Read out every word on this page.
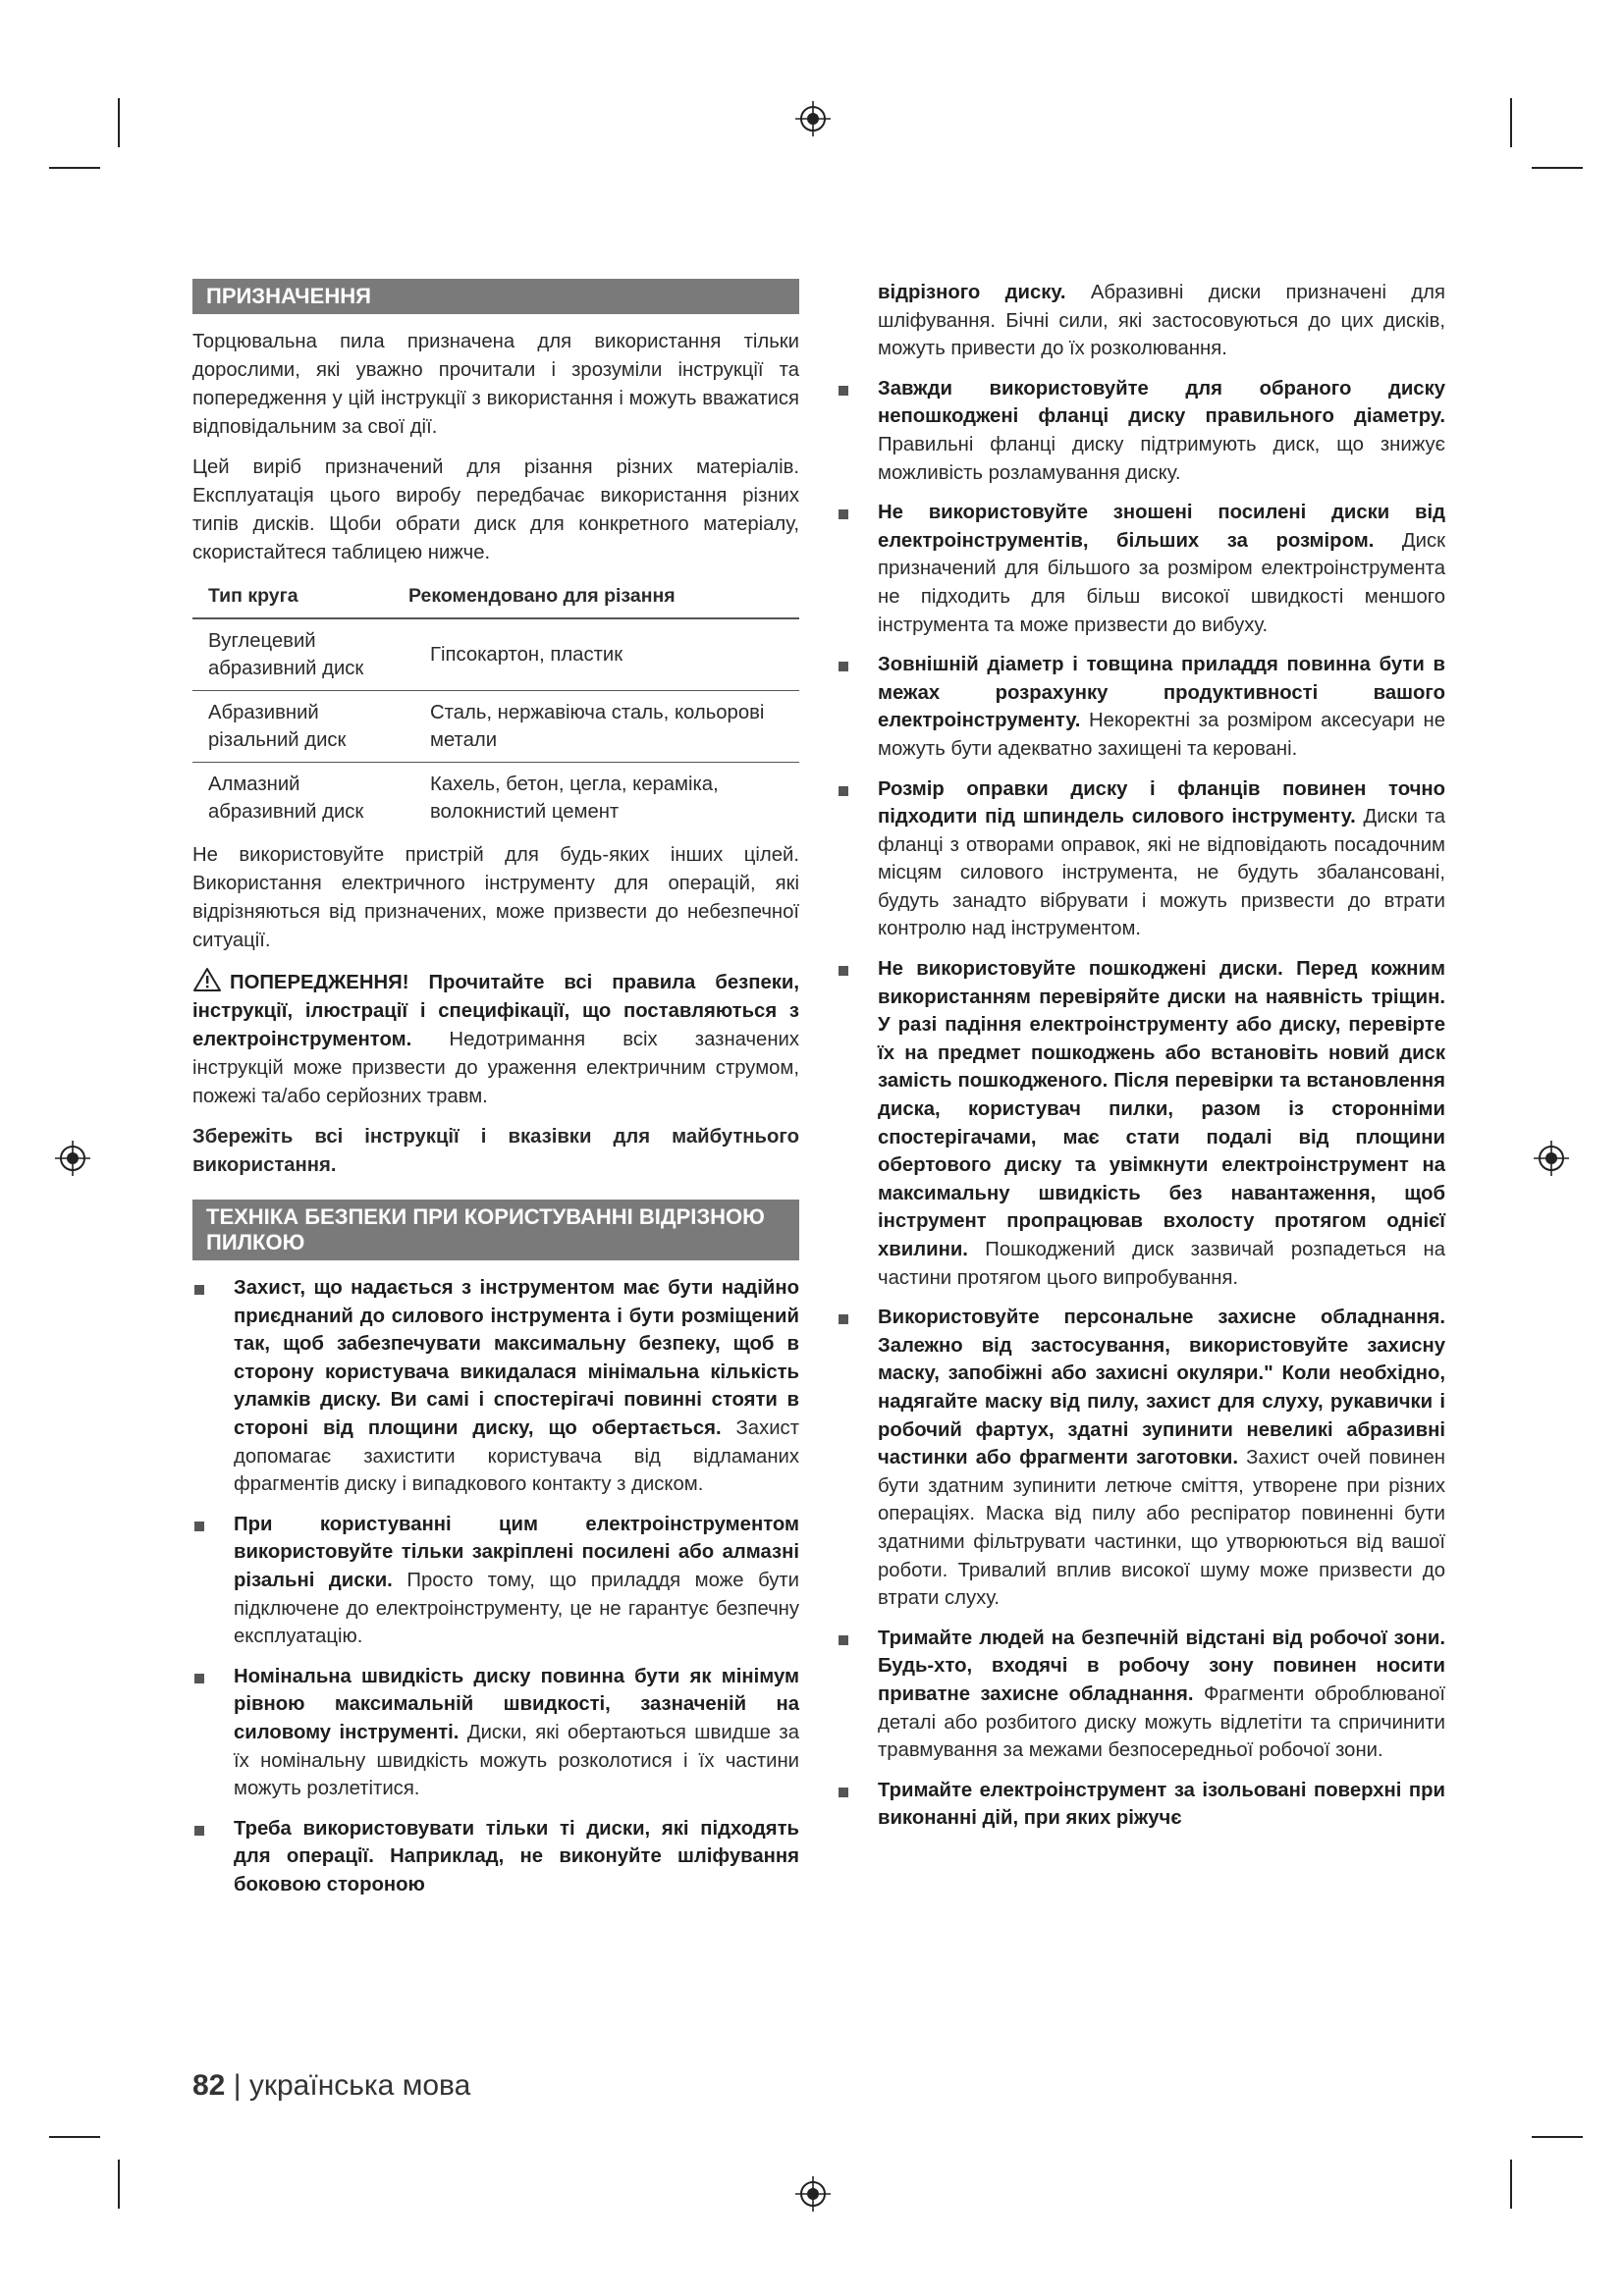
ПРИЗНАЧЕННЯ

Торцювальна пила призначена для використання тільки дорослими, які уважно прочитали і зрозуміли інструкції та попередження у цій інструкції з використання і можуть вважатися відповідальним за свої дії.

Цей виріб призначений для різання різних матеріалів. Експлуатація цього виробу передбачає використання різних типів дисків. Щоби обрати диск для конкретного матеріалу, скористайтеся таблицею нижче.

Тип круга	Рекомендовано для різання
Вуглецевий абразивний диск	Гіпсокартон, пластик
Абразивний різальний диск	Сталь, нержавіюча сталь, кольорові метали
Алмазний абразивний диск	Кахель, бетон, цегла, кераміка, волокнистий цемент

Не використовуйте пристрій для будь-яких інших цілей. Використання електричного інструменту для операцій, які відрізняються від призначених, може призвести до небезпечної ситуації.

ПОПЕРЕДЖЕННЯ! Прочитайте всі правила безпеки, інструкції, ілюстрації і специфікації, що поставляються з електроінструментом. Недотримання всіх зазначених інструкцій може призвести до ураження електричним струмом, пожежі та/або серйозних травм.

Збережіть всі інструкції і вказівки для майбутнього використання.

ТЕХНІКА БЕЗПЕКИ ПРИ КОРИСТУВАННІ ВІДРІЗНОЮ ПИЛКОЮ
Захист, що надається з інструментом має бути надійно приєднаний до силового інструмента і бути розміщений так, щоб забезпечувати максимальну безпеку, щоб в сторону користувача викидалася мінімальна кількість уламків диску. Ви самі і спостерігачі повинні стояти в стороні від площини диску, що обертається. Захист допомагає захистити користувача від відламаних фрагментів диску і випадкового контакту з диском.
При користуванні цим електроінструментом використовуйте тільки закріплені посилені або алмазні різальні диски. Просто тому, що приладдя може бути підключене до електроінструменту, це не гарантує безпечну експлуатацію.
Номінальна швидкість диску повинна бути як мінімум рівною максимальній швидкості, зазначеній на силовому інструменті. Диски, які обертаються швидше за їх номінальну швидкість можуть розколотися і їх частини можуть розлетітися.
Треба використовувати тільки ті диски, які підходять для операції. Наприклад, не виконуйте шліфування боковою стороною

відрізного диску. Абразивні диски призначені для шліфування. Бічні сили, які застосовуються до цих дисків, можуть привести до їх розколювання.

Завжди використовуйте для обраного диску непошкоджені фланці диску правильного діаметру. Правильні фланці диску підтримують диск, що знижує можливість розламування диску.
Не використовуйте зношені посилені диски від електроінструментів, більших за розміром. Диск призначений для більшого за розміром електроінструмента не підходить для більш високої швидкості меншого інструмента та може призвести до вибуху.
Зовнішній діаметр і товщина приладдя повинна бути в межах розрахунку продуктивності вашого електроінструменту. Некоректні за розміром аксесуари не можуть бути адекватно захищені та керовані.
Розмір оправки диску і фланців повинен точно підходити під шпиндель силового інструменту. Диски та фланці з отворами оправок, які не відповідають посадочним місцям силового інструмента, не будуть збалансовані, будуть занадто вібрувати і можуть призвести до втрати контролю над інструментом.
Не використовуйте пошкоджені диски. Перед кожним використанням перевіряйте диски на наявність тріщин. У разі падіння електроінструменту або диску, перевірте їх на предмет пошкоджень або встановіть новий диск замість пошкодженого. Після перевірки та встановлення диска, користувач пилки, разом із сторонніми спостерігачами, має стати подалі від площини обертового диску та увімкнути електроінструмент на максимальну швидкість без навантаження, щоб інструмент пропрацював вхолосту протягом однієї хвилини. Пошкоджений диск зазвичай розпадеться на частини протягом цього випробування.
Використовуйте персональне захисне обладнання. Залежно від застосування, використовуйте захисну маску, запобіжні або захисні окуляри." Коли необхідно, надягайте маску від пилу, захист для слуху, рукавички і робочий фартух, здатні зупинити невеликі абразивні частинки або фрагменти заготовки. Захист очей повинен бути здатним зупинити летюче сміття, утворене при різних операціях. Маска від пилу або респіратор повиненні бути здатними фільтрувати частинки, що утворюються від вашої роботи. Тривалий вплив високої шуму може призвести до втрати слуху.
Тримайте людей на безпечній відстані від робочої зони. Будь-хто, входячі в робочу зону повинен носити приватне захисне обладнання. Фрагменти оброблюваної деталі або розбитого диску можуть відлетіти та спричинити травмування за межами безпосередньої робочої зони.
Тримайте електроінструмент за ізольовані поверхні при виконанні дій, при яких ріжучє
82 | українська мова
